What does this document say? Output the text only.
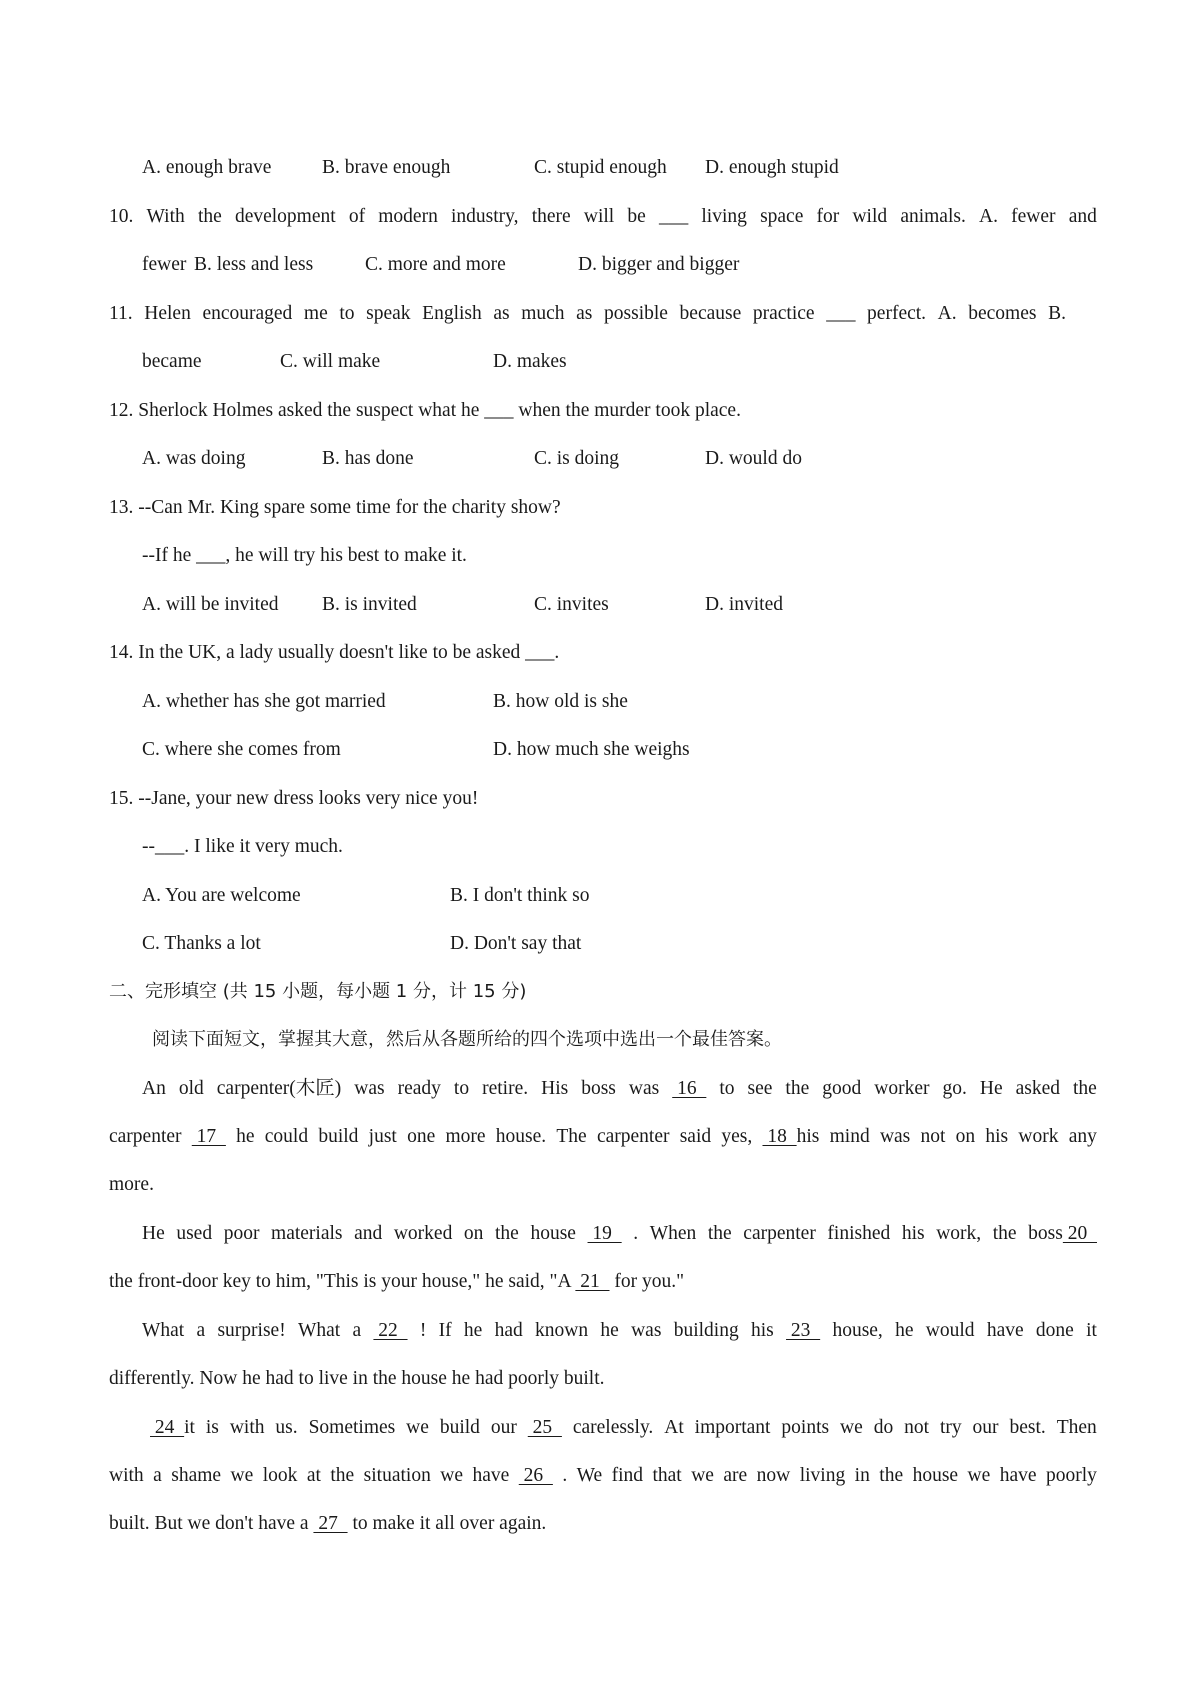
A. enough brave	B. brave enough	C. stupid enough D. enough stupid
10. With the development of modern industry, there will be ___ living space for wild animals. A. fewer and
fewer B. less and less	C. more and more	D. bigger and bigger
11. Helen encouraged me to speak English as much as possible because practice ___ perfect. A. becomes B.
became	C. will make	D. makes
12. Sherlock Holmes asked the suspect what he ___ when the murder took place.
A. was doing	B. has done	C. is doing	D. would do
13. --Can Mr. King spare some time for the charity show?
--If he ___, he will try his best to make it.
A. will be invited B. is invited	C. invites	D. invited
14. In the UK, a lady usually doesn't like to be asked ___.
A. whether has she got married	B. how old is she
C. where she comes from	D. how much she weighs
15. --Jane, your new dress looks very nice you!
--___. I like it very much.
A. You are welcome	B. I don't think so
C. Thanks a lot	D. Don't say that
二、完形填空 (共 15 小题，每小题 1 分，计 15 分)
阅读下面短文，掌握其大意，然后从各题所给的四个选项中选出一个最佳答案。
An old carpenter(木匠) was ready to retire. His boss was 16 to see the good worker go. He asked the
carpenter 17 he could build just one more house. The carpenter said yes, 18  his mind was not on his work any
more.
He used poor materials and worked on the house 19 . When the carpenter finished his work, the boss 20
the front-door key to him, "This is your house," he said, "A  21   for you."
What a surprise! What a 22 ! If he had known he was building his 23 house, he would have done it
differently. Now he had to live in the house he had poorly built.
24  it is with us. Sometimes we build our 25 carelessly. At important points we do not try our best. Then
with a shame we look at the situation we have 26 . We find that we are now living in the house we have poorly
built. But we don't have a  27   to make it all over again.
